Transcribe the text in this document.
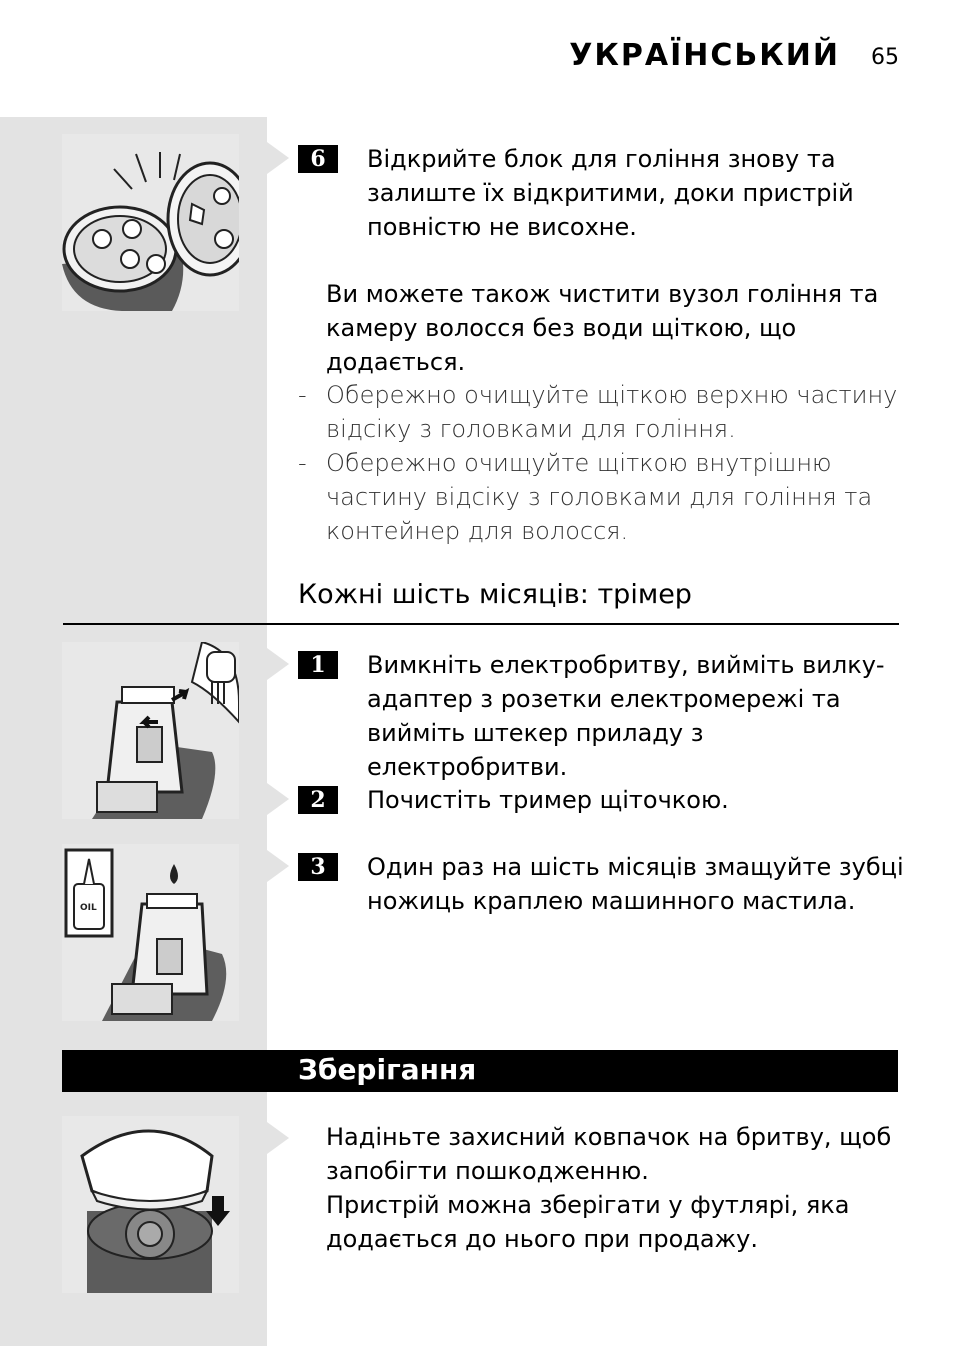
УКРАЇНСЬКИЙ 65
OIL
6	Відкрийте блок для гоління знову та залиште їх відкритими, доки пристрій повністю не висохне.
Ви можете також чистити вузол гоління та камеру волосся без води щіткою, що додається.
- Обережно очищуйте щіткою верхню частину відсіку з головками для гоління.
- Обережно очищуйте щіткою внутрішню частину відсіку з головками для гоління та контейнер для волосся.
Кожні шість місяців: трімер
1	Вимкніть електробритву, вийміть вилку-адаптер з розетки електромережі та вийміть штекер приладу з електробритви.
2	Почистіть тример щіточкою.
3	Один раз на шість місяців змащуйте зубці ножиць краплею машинного мастила.
Зберігання
Надіньте захисний ковпачок на бритву, щоб запобігти пошкодженню.
Пристрій можна зберігати у футлярі, яка додається до нього при продажу.
